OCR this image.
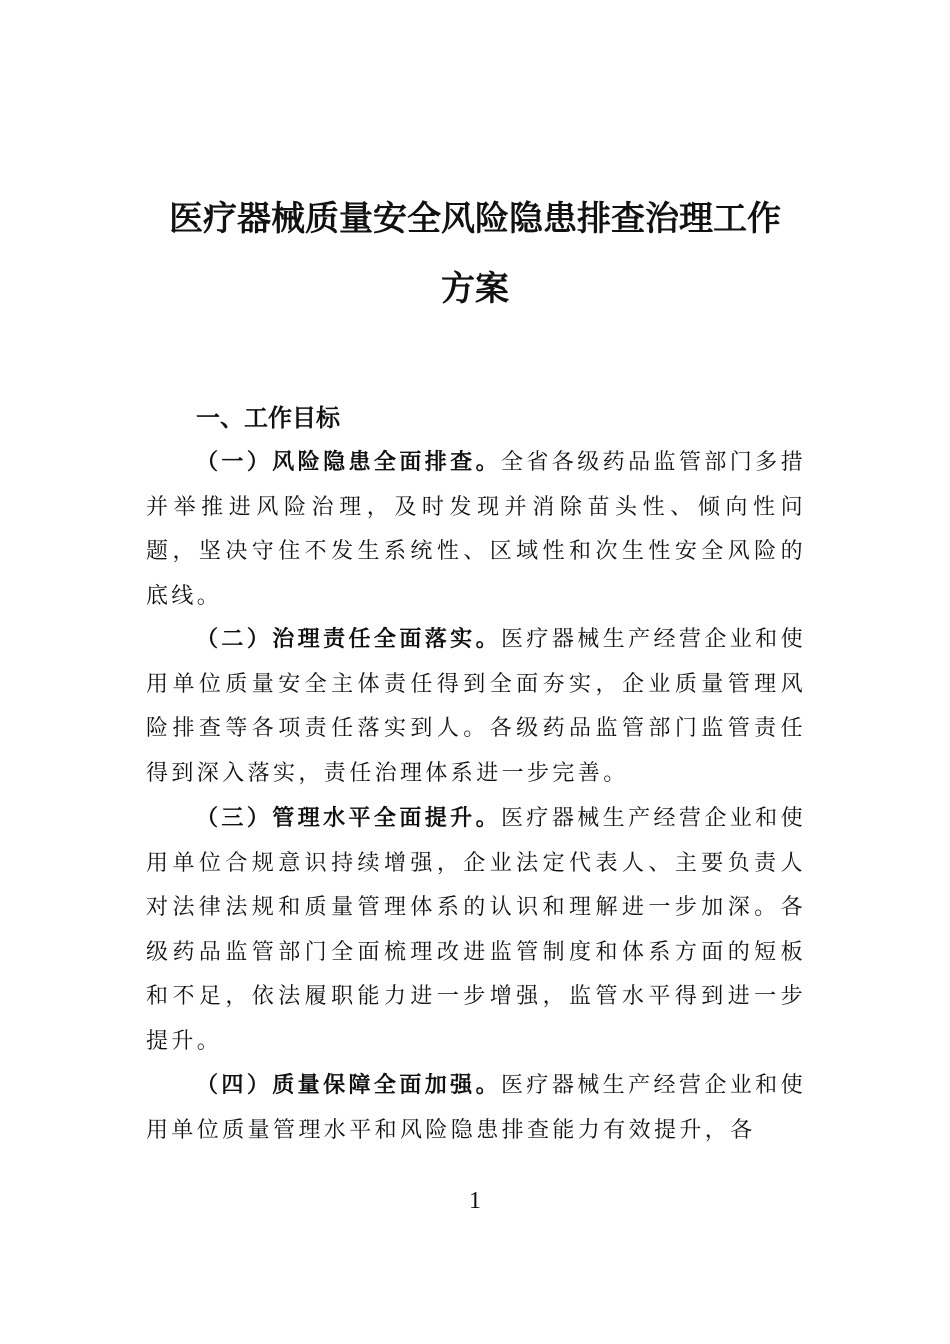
医疗器械质量安全风险隐患排查治理工作
方案
一、工作目标

（一）风险隐患全面排查。全省各级药品监管部门多措并举推进风险治理，及时发现并消除苗头性、倾向性问题，坚决守住不发生系统性、区域性和次生性安全风险的底线。

（二）治理责任全面落实。医疗器械生产经营企业和使用单位质量安全主体责任得到全面夯实，企业质量管理风险排查等各项责任落实到人。各级药品监管部门监管责任得到深入落实，责任治理体系进一步完善。

（三）管理水平全面提升。医疗器械生产经营企业和使用单位合规意识持续增强，企业法定代表人、主要负责人对法律法规和质量管理体系的认识和理解进一步加深。各级药品监管部门全面梳理改进监管制度和体系方面的短板和不足，依法履职能力进一步增强，监管水平得到进一步提升。

（四）质量保障全面加强。医疗器械生产经营企业和使用单位质量管理水平和风险隐患排查能力有效提升，各

1
